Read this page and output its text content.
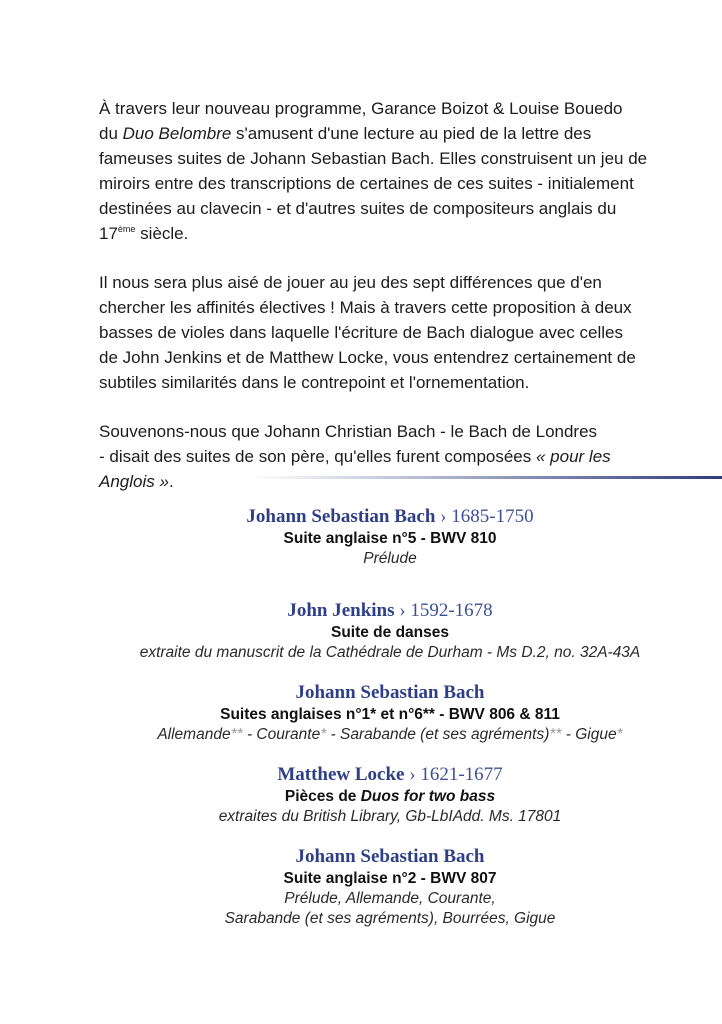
À travers leur nouveau programme, Garance Boizot & Louise Bouedo
du Duo Belombre s'amusent d'une lecture au pied de la lettre des
fameuses suites de Johann Sebastian Bach. Elles construisent un jeu de
miroirs entre des transcriptions de certaines de ces suites - initialement
destinées au clavecin - et d'autres suites de compositeurs anglais du
17ème siècle.

Il nous sera plus aisé de jouer au jeu des sept différences que d'en
chercher les affinités électives ! Mais à travers cette proposition à deux
basses de violes dans laquelle l'écriture de Bach dialogue avec celles
de John Jenkins et de Matthew Locke, vous entendrez certainement de
subtiles similarités dans le contrepoint et l'ornementation.

Souvenons-nous que Johann Christian Bach - le Bach de Londres
- disait des suites de son père, qu'elles furent composées « pour les
Anglois ».

Johann Sebastian Bach › 1685-1750
Suite anglaise n°5 - BWV 810
Prélude
John Jenkins › 1592-1678
Suite de danses
extraite du manuscrit de la Cathédrale de Durham - Ms D.2, no. 32A-43A
Johann Sebastian Bach
Suites anglaises n°1* et n°6** - BWV 806 & 811
Allemande** - Courante* - Sarabande (et ses agréments)** - Gigue*
Matthew Locke › 1621-1677
Pièces de Duos for two bass
extraites du British Library, Gb-LbIAdd. Ms. 17801
Johann Sebastian Bach
Suite anglaise n°2 - BWV 807
Prélude, Allemande, Courante,
Sarabande (et ses agréments), Bourrées, Gigue
